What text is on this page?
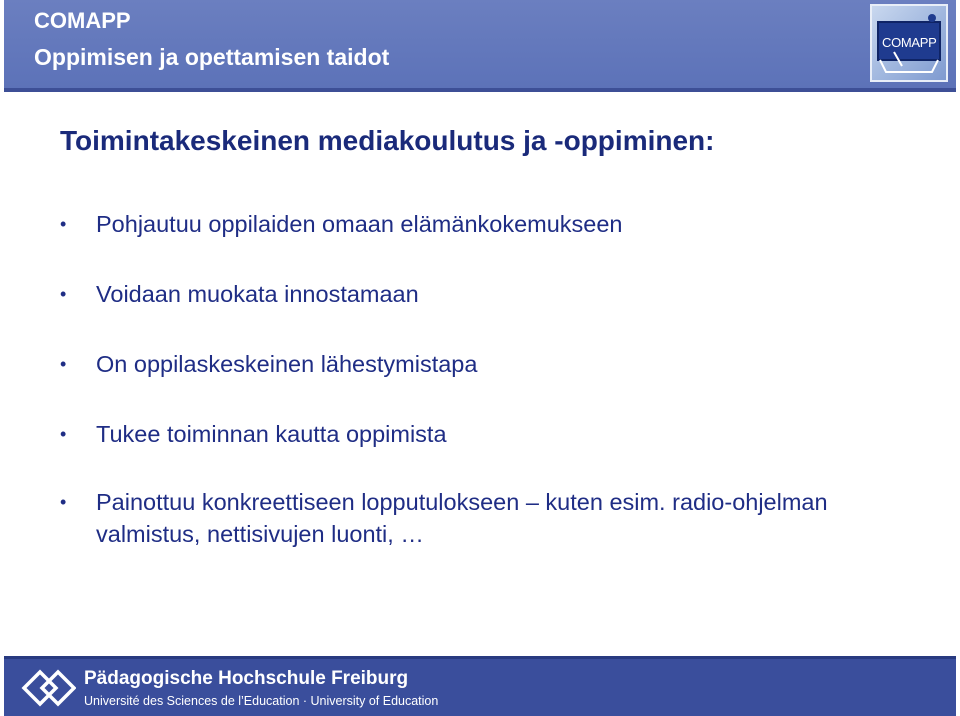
COMAPP
Oppimisen ja opettamisen taidot
COMAPP
Toimintakeskeinen mediakoulutus ja -oppiminen:
•	Pohjautuu oppilaiden omaan elämänkokemukseen
•	Voidaan muokata innostamaan
•	On oppilaskeskeinen lähestymistapa
•	Tukee toiminnan kautta oppimista
•	Painottuu konkreettiseen lopputulokseen – kuten esim. radio-ohjelman valmistus, nettisivujen luonti, …
Pädagogische Hochschule Freiburg
Université des Sciences de l’Education · University of Education
